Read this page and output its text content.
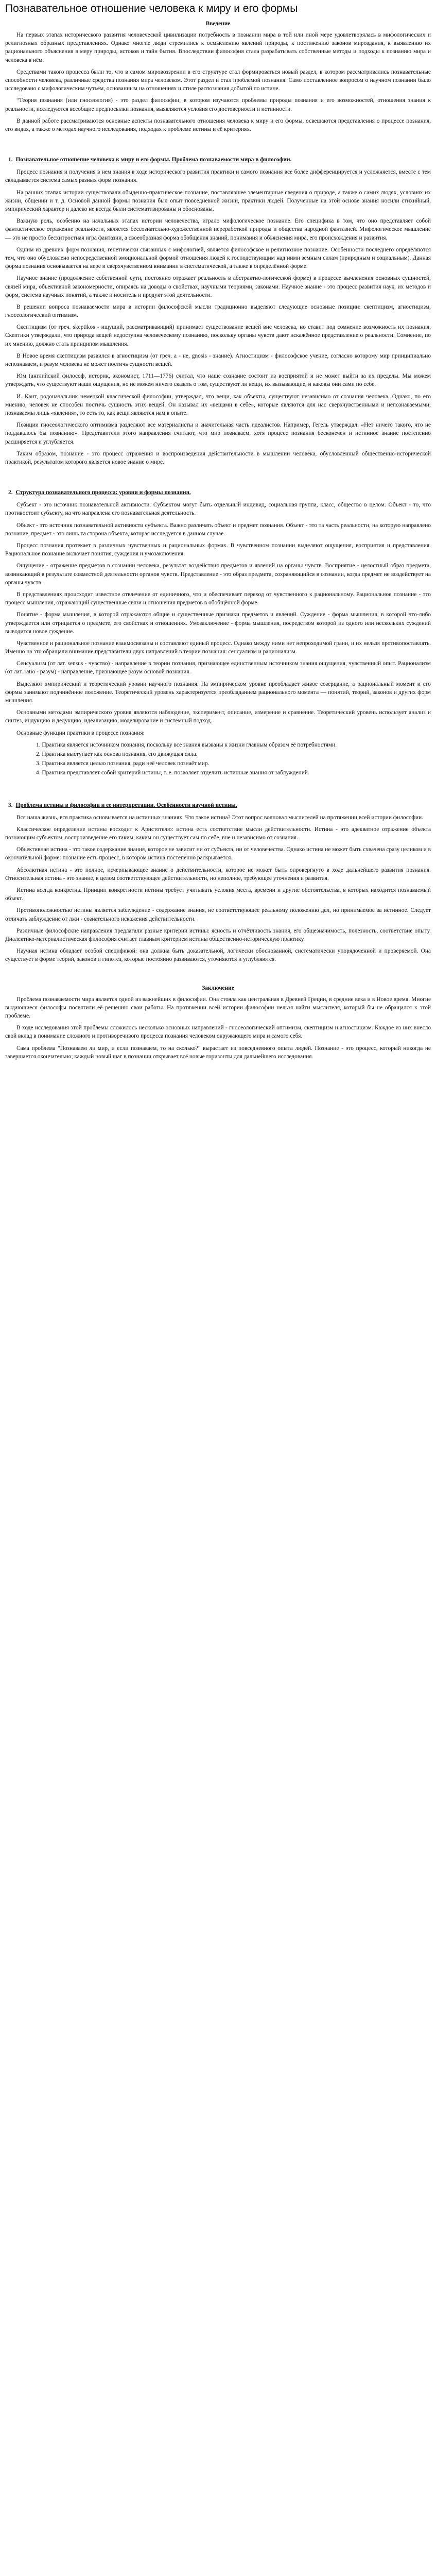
Познавательное отношение человека к миру и его формы
Введение

На первых этапах исторического развития человеческой цивилизации потребность в познании мира в той или иной мере удовлетворялась в мифологических и религиозных образных представлениях. Однако многие люди стремились к осмыслению явлений природы, к постижению законов мироздания, к выявлению их рационального объяснения в меру природы, истоков и тайн бытия. Впоследствии философия стала разрабатывать собственные методы и подходы к познанию мира и человека в нём.

Средствами такого процесса были то, что в самом мировоззрении в его структуре стал формироваться новый раздел, в котором рассматривались познавательные способности человека, различные средства познания мира человеком. Этот раздел и стал проблемой познания. Само поставленное вопросом о научном познании было исследовано с мифологическим чутьём, основанным на отношениях и стиле распознания добытой по истине.

“Теория познания (или гносеология) - это раздел философии, в котором изучаются проблемы природы познания и его возможностей, отношения знания к реальности, исследуются всеобщие предпосылки познания, выявляются условия его достоверности и истинности.

В данной работе рассматриваются основные аспекты познавательного отношения человека к миру и его формы, освещаются представления о процессе познания, его видах, а также о методах научного исследования, подходах к проблеме истины и её критериях.

1. Познавательное отношение человека к миру и его формы. Проблема познаваемости мира в философии.

Процесс познания и получения в нем знания в ходе исторического развития практики и самого познания все более дифференцируется и усложняется, вместе с тем складывается система самых разных форм познания.

На ранних этапах истории существовали обыденно-практическое познание, поставлявшее элементарные сведения о природе, а также о самих людях, условиях их жизни, общении и т. д. Основой данной формы познания был опыт повседневной жизни, практики людей. Полученные на этой основе знания носили стихийный, эмпирический характер и далеко не всегда были систематизированы и обоснованы.

Важную роль, особенно на начальных этапах истории человечества, играло мифологическое познание. Его специфика в том, что оно представляет собой фантастическое отражение реальности, является бессознательно-художественной переработкой природы и общества народной фантазией. Мифологическое мышление — это не просто бесхитростная игра фантазии, а своеобразная форма обобщения знаний, понимания и объяснения мира, его происхождения и развития.

Одним из древних форм познания, генетически связанных с мифологией, является философское и религиозное познание. Особенности последнего определяются тем, что оно обусловлено непосредственной эмоциональной формой отношения людей к господствующим над ними земным силам (природным и социальным). Данная форма познания основывается на вере и сверхчувственном внимании в систематической, а также в определённой форме.

Научное знание (продолжение собственной сути, постоянно отражает реальность в абстрактно-логической форме) в процессе вычленения основных сущностей, связей мира, объективной закономерности, опираясь на доводы о свойствах, научными теориями, законами. Научное знание - это процесс развития наук, их методов и форм, система научных понятий, а также и носитель и продукт этой деятельности.

В решении вопроса познаваемости мира в истории философской мысли традиционно выделяют следующие основные позиции: скептицизм, агностицизм, гносеологический оптимизм.

Скептицизм (от греч. skeptikos - ищущий, рассматривающий) принимает существование вещей вне человека, но ставит под сомнение возможность их познания. Скептики утверждали, что природа вещей недоступна человеческому познанию, поскольку органы чувств дают искажённое представление о реальности. Сомнение, по их мнению, должно стать принципом мышления.

В Новое время скептицизм развился в агностицизм (от греч. a - не, gnosis - знание). Агностицизм - философское учение, согласно которому мир принципиально непознаваем, и разум человека не может постичь сущности вещей.

Юм (английский философ, историк, экономист, 1711—1776) считал, что наше сознание состоит из восприятий и не может выйти за их пределы. Мы можем утверждать, что существуют наши ощущения, но не можем ничего сказать о том, существуют ли вещи, их вызывающие, и каковы они сами по себе.

И. Кант, родоначальник немецкой классической философии, утверждал, что вещи, как объекты, существуют независимо от сознания человека. Однако, по его мнению, человек не способен постичь сущность этих вещей. Он называл их «вещами в себе», которые являются для нас сверхчувственными и непознаваемыми; познаваемы лишь «явления», то есть то, как вещи являются нам в опыте.

Позиции гносеологического оптимизма разделяют все материалисты и значительная часть идеалистов. Например, Гегель утверждал: «Нет ничего такого, что не поддавалось бы познанию». Представители этого направления считают, что мир познаваем, хотя процесс познания бесконечен и истинное знание постепенно расширяется и углубляется.

Таким образом, познание - это процесс отражения и воспроизведения действительности в мышлении человека, обусловленный общественно-исторической практикой, результатом которого является новое знание о мире.

2. Структура познавательного процесса: уровни и формы познания.

Субъект - это источник познавательной активности. Субъектом могут быть отдельный индивид, социальная группа, класс, общество в целом. Объект - то, что противостоит субъекту, на что направлена его познавательная деятельность.

Объект - это источник познавательной активности субъекта. Важно различать объект и предмет познания. Объект - это та часть реальности, на которую направлено познание, предмет - это лишь та сторона объекта, которая исследуется в данном случае.

Процесс познания протекает в различных чувственных и рациональных формах. В чувственном познании выделяют ощущения, восприятия и представления. Рациональное познание включает понятия, суждения и умозаключения.

Ощущение - отражение предметов в сознании человека, результат воздействия предметов и явлений на органы чувств. Восприятие - целостный образ предмета, возникающий в результате совместной деятельности органов чувств. Представление - это образ предмета, сохраняющийся в сознании, когда предмет не воздействует на органы чувств.

В представлениях происходит известное отвлечение от единичного, что и обеспечивает переход от чувственного к рациональному. Рациональное познание - это процесс мышления, отражающий существенные связи и отношения предметов в обобщённой форме.

Понятие - форма мышления, в которой отражаются общие и существенные признаки предметов и явлений. Суждение - форма мышления, в которой что-либо утверждается или отрицается о предмете, его свойствах и отношениях. Умозаключение - форма мышления, посредством которой из одного или нескольких суждений выводится новое суждение.

Чувственное и рациональное познание взаимосвязаны и составляют единый процесс. Однако между ними нет непроходимой грани, и их нельзя противопоставлять. Именно на это обращали внимание представители двух направлений в теории познания: сенсуализм и рационализм.

Сенсуализм (от лат. sensus - чувство) - направление в теории познания, признающее единственным источником знания ощущения, чувственный опыт. Рационализм (от лат. ratio - разум) - направление, признающее разум основой познания.

Выделяют эмпирический и теоретический уровни научного познания. На эмпирическом уровне преобладает живое созерцание, а рациональный момент и его формы занимают подчинённое положение. Теоретический уровень характеризуется преобладанием рационального момента — понятий, теорий, законов и других форм мышления.

Основными методами эмпирического уровня являются наблюдение, эксперимент, описание, измерение и сравнение. Теоретический уровень использует анализ и синтез, индукцию и дедукцию, идеализацию, моделирование и системный подход.

Основные функции практики в процессе познания:

1. Практика является источником познания, поскольку все знания вызваны к жизни главным образом её потребностями.
2. Практика выступает как основа познания, его движущая сила.
3. Практика является целью познания, ради неё человек познаёт мир.
4. Практика представляет собой критерий истины, т. е. позволяет отделить истинные знания от заблуждений.
3. Проблема истины в философии и ее интерпретации. Особенности научной истины.

Вся наша жизнь, вся практика основывается на истинных знаниях. Что такое истина? Этот вопрос волновал мыслителей на протяжении всей истории философии.

Классическое определение истины восходит к Аристотелю: истина есть соответствие мысли действительности. Истина - это адекватное отражение объекта познающим субъектом, воспроизведение его таким, каким он существует сам по себе, вне и независимо от сознания.

Объективная истина - это такое содержание знания, которое не зависит ни от субъекта, ни от человечества. Однако истина не может быть схвачена сразу целиком и в окончательной форме: познание есть процесс, в котором истина постепенно раскрывается.

Абсолютная истина - это полное, исчерпывающее знание о действительности, которое не может быть опровергнуто в ходе дальнейшего развития познания. Относительная истина - это знание, в целом соответствующее действительности, но неполное, требующее уточнения и развития.

Истина всегда конкретна. Принцип конкретности истины требует учитывать условия места, времени и другие обстоятельства, в которых находится познаваемый объект.

Противоположностью истины является заблуждение - содержание знания, не соответствующее реальному положению дел, но принимаемое за истинное. Следует отличать заблуждение от лжи - сознательного искажения действительности.

Различные философские направления предлагали разные критерии истины: ясность и отчётливость знания, его общезначимость, полезность, соответствие опыту. Диалектико-материалистическая философия считает главным критерием истины общественно-историческую практику.

Научная истина обладает особой спецификой: она должна быть доказательной, логически обоснованной, систематически упорядоченной и проверяемой. Она существует в форме теорий, законов и гипотез, которые постоянно развиваются, уточняются и углубляются.

Заключение

Проблема познаваемости мира является одной из важнейших в философии. Она стояла как центральная в Древней Греции, в средние века и в Новое время. Многие выдающиеся философы посвятили её решению свои работы. На протяжении всей истории философии нельзя найти мыслителя, который бы не обращался к этой проблеме.

В ходе исследования этой проблемы сложилось несколько основных направлений - гносеологический оптимизм, скептицизм и агностицизм. Каждое из них внесло свой вклад в понимание сложного и противоречивого процесса познания человеком окружающего мира и самого себя.

Сама проблема "Познаваем ли мир, и если познаваем, то на сколько?" вырастает из повседневного опыта людей. Познание - это процесс, который никогда не завершается окончательно; каждый новый шаг в познании открывает всё новые горизонты для дальнейшего исследования.
